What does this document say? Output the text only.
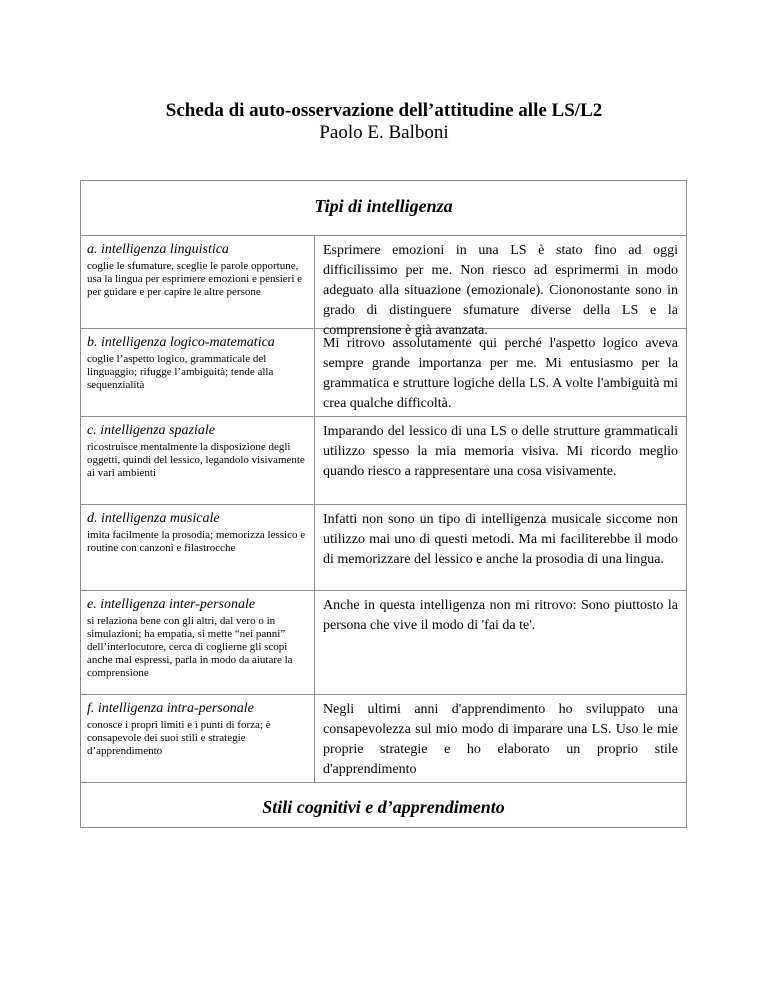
Scheda di auto-osservazione dell’attitudine alle LS/L2
Paolo E. Balboni
Tipi di intelligenza
a. intelligenza linguistica
coglie le sfumature, sceglie le parole opportune, usa la lingua per esprimere emozioni e pensieri e per guidare e per capire le altre persone
Esprimere emozioni in una LS è stato fino ad oggi difficilissimo per me. Non riesco ad esprimermi in modo adeguato alla situazione (emozionale). Ciononostante sono in grado di distinguere sfumature diverse della LS e la comprensione è già avanzata.
b. intelligenza logico-matematica
coglie l’aspetto logico, grammaticale del linguaggio; rifugge l’ambiguità; tende alla sequenzialità
Mi ritrovo assolutamente qui perché l'aspetto logico aveva sempre grande importanza per me. Mi entusiasmo per la grammatica e strutture logiche della LS. A volte l'ambiguità mi crea qualche difficoltà.
c. intelligenza spaziale
ricostruisce mentalmente la disposizione degli oggetti, quindi del lessico, legandolo visivamente ai vari ambienti
Imparando del lessico di una LS o delle strutture grammaticali utilizzo spesso la mia memoria visiva. Mi ricordo meglio quando riesco a rappresentare una cosa visivamente.
d. intelligenza musicale
imita facilmente la prosodia; memorizza lessico e routine con canzoni e filastrocche
Infatti non sono un tipo di intelligenza musicale siccome non utilizzo mai uno di questi metodi. Ma mi faciliterebbe il modo di memorizzare del lessico e anche la prosodia di una lingua.
e. intelligenza inter-personale
si relaziona bene con gli altri, dal vero o in simulazioni; ha empatia, si mette “nei panni” dell’interlocutore, cerca di coglierne gli scopi anche mal espressi, parla in modo da aiutare la comprensione
Anche in questa intelligenza non mi ritrovo: Sono piuttosto la persona che vive il modo di 'fai da te'.
f. intelligenza intra-personale
conosce i propri limiti e i punti di forza; è consapevole dei suoi stili e strategie d’apprendimento
Negli ultimi anni d'apprendimento ho sviluppato una consapevolezza sul mio modo di imparare una LS. Uso le mie proprie strategie e ho elaborato un proprio stile d'apprendimento
Stili cognitivi e d’apprendimento
